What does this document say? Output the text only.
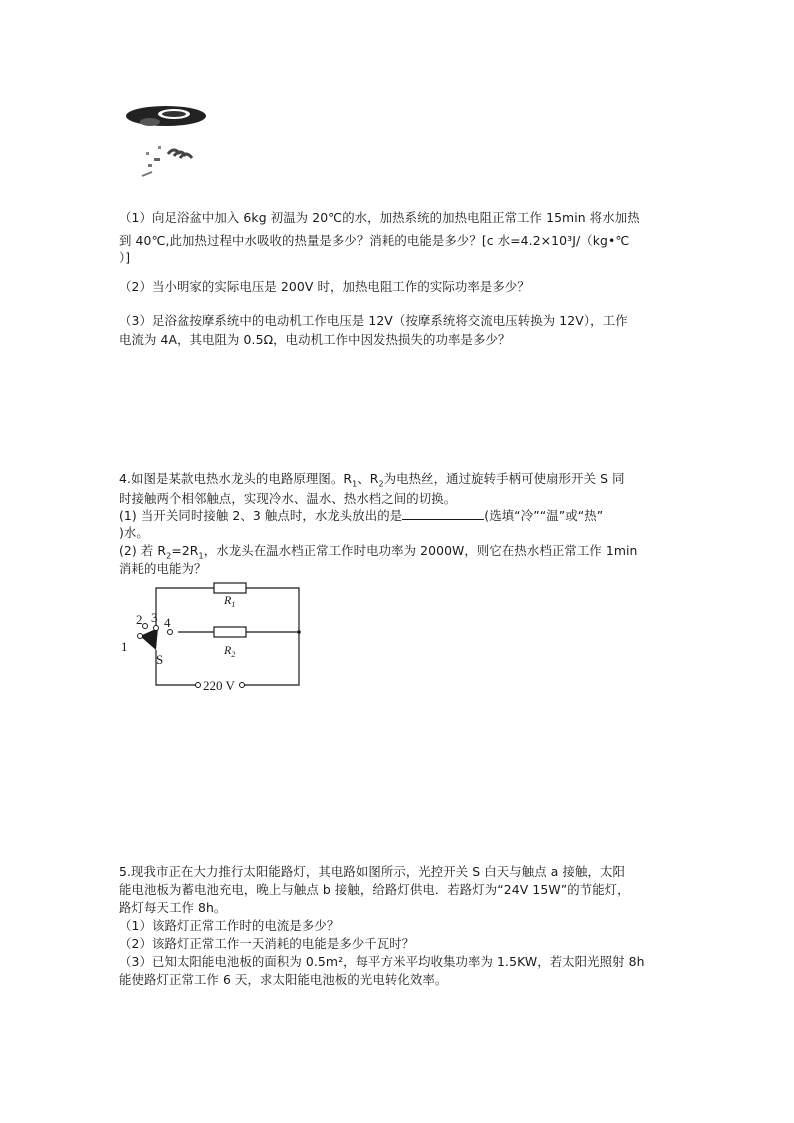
（1）向足浴盆中加入 6kg 初温为 20℃的水，加热系统的加热电阻正常工作 15min 将水加热
到 40℃,此加热过程中水吸收的热量是多少？消耗的电能是多少？[c 水=4.2×10³J/（kg•℃
）]
（2）当小明家的实际电压是 200V 时，加热电阻工作的实际功率是多少？
（3）足浴盆按摩系统中的电动机工作电压是 12V（按摩系统将交流电压转换为 12V），工作
电流为 4A，其电阻为 0.5Ω，电动机工作中因发热损失的功率是多少？
4.如图是某款电热水龙头的电路原理图。$R_1$、$R_2$为电热丝，通过旋转手柄可使扇形开关 S 同
时接触两个相邻触点，实现冷水、温水、热水档之间的切换。
(1) 当开关同时接触 2、3 触点时，水龙头放出的是	(选填“冷”“温”或“热”
)水。
(2) 若 $R_2=2R_1$，水龙头在温水档正常工作时电功率为 2000W，则它在热水档正常工作 1min
消耗的电能为？
$R_1$
$R_2$
1
2 3 4
S
220 V
5.现我市正在大力推行太阳能路灯，其电路如图所示，光控开关 S 白天与触点 a 接触，太阳
能电池板为蓄电池充电，晚上与触点 b 接触，给路灯供电．若路灯为“24V 15W”的节能灯，
路灯每天工作 8h。
（1）该路灯正常工作时的电流是多少？
（2）该路灯正常工作一天消耗的电能是多少千瓦时？
（3）已知太阳能电池板的面积为 0.5m²，每平方米平均收集功率为 1.5KW，若太阳光照射 8h
能使路灯正常工作 6 天，求太阳能电池板的光电转化效率。
